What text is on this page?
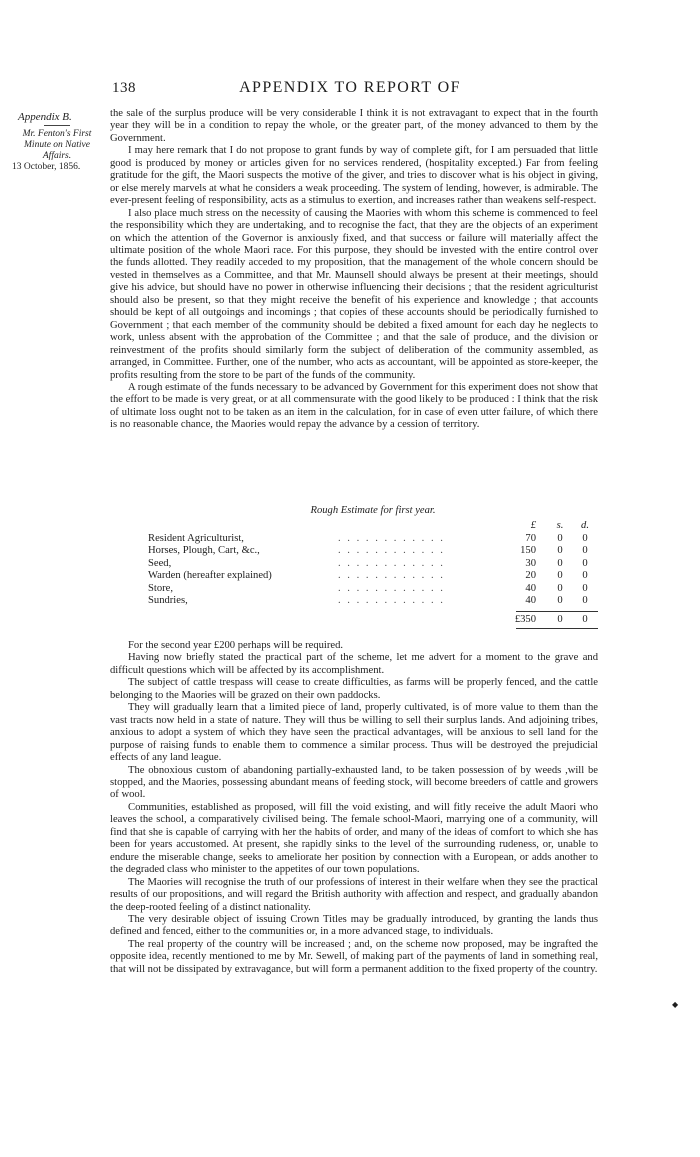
138	APPENDIX TO REPORT OF
Appendix B.
Mr. Fenton's First
Minute on Native
Affairs.
13 October, 1856.

the sale of the surplus produce will be very considerable I think it is not extravagant to expect that in the fourth year they will be in a condition to repay the whole, or the greater part, of the money advanced to them by the Government.

I may here remark that I do not propose to grant funds by way of complete gift, for I am persuaded that little good is produced by money or articles given for no services rendered, (hospitality excepted.) Far from feeling gratitude for the gift, the Maori suspects the motive of the giver, and tries to discover what is his object in giving, or else merely marvels at what he considers a weak proceeding. The system of lending, however, is admirable. The ever-present feeling of responsibility, acts as a stimulus to exertion, and increases rather than weakens self-respect.

I also place much stress on the necessity of causing the Maories with whom this scheme is commenced to feel the responsibility which they are undertaking, and to recognise the fact, that they are the objects of an experiment on which the attention of the Governor is anxiously fixed, and that success or failure will materially affect the ultimate position of the whole Maori race. For this purpose, they should be invested with the entire control over the funds allotted. They readily acceded to my proposition, that the management of the whole concern should be vested in themselves as a Committee, and that Mr. Maunsell should always be present at their meetings, should give his advice, but should have no power in otherwise influencing their decisions ; that the resident agriculturist should also be present, so that they might receive the benefit of his experience and knowledge ; that accounts should be kept of all outgoings and incomings ; that copies of these accounts should be periodically furnished to Government ; that each member of the community should be debited a fixed amount for each day he neglects to work, unless absent with the approbation of the Committee ; and that the sale of produce, and the division or reinvestment of the profits should similarly form the subject of deliberation of the community assembled, as arranged, in Committee. Further, one of the number, who acts as accountant, will be appointed as store-keeper, the profits resulting from the store to be part of the funds of the community.

A rough estimate of the funds necessary to be advanced by Government for this experiment does not show that the effort to be made is very great, or at all commensurate with the good likely to be produced : I think that the risk of ultimate loss ought not to be taken as an item in the calculation, for in case of even utter failure, of which there is no reasonable chance, the Maories would repay the advance by a cession of territory.

Rough Estimate for first year.
£	s.	d.
Resident Agriculturist,	. . . . . . . . . . . .	70	0	0
Horses, Plough, Cart, &c.,	. . . . . . . . . . . .	150	0	0
Seed,	. . . . . . . . . . . .	30	0	0
Warden (hereafter explained)	. . . . . . . . . . . .	20	0	0
Store,	. . . . . . . . . . . .	40	0	0
Sundries,	. . . . . . . . . . . .	40	0	0
£350	0	0

For the second year £200 perhaps will be required.

Having now briefly stated the practical part of the scheme, let me advert for a moment to the grave and difficult questions which will be affected by its accomplishment.

The subject of cattle trespass will cease to create difficulties, as farms will be properly fenced, and the cattle belonging to the Maories will be grazed on their own paddocks.

They will gradually learn that a limited piece of land, properly cultivated, is of more value to them than the vast tracts now held in a state of nature. They will thus be willing to sell their surplus lands. And adjoining tribes, anxious to adopt a system of which they have seen the practical advantages, will be anxious to sell land for the purpose of raising funds to enable them to commence a similar process. Thus will be destroyed the prejudicial effects of any land league.

The obnoxious custom of abandoning partially-exhausted land, to be taken possession of by weeds ,will be stopped, and the Maories, possessing abundant means of feeding stock, will become breeders of cattle and growers of wool.

Communities, established as proposed, will fill the void existing, and will fitly receive the adult Maori who leaves the school, a comparatively civilised being. The female school-Maori, marrying one of a community, will find that she is capable of carrying with her the habits of order, and many of the ideas of comfort to which she has been for years accustomed. At present, she rapidly sinks to the level of the surrounding rudeness, or, unable to endure the miserable change, seeks to ameliorate her position by connection with a European, or adds another to the degraded class who minister to the appetites of our town populations.

The Maories will recognise the truth of our professions of interest in their welfare when they see the practical results of our propositions, and will regard the British authority with affection and respect, and gradually abandon the deep-rooted feeling of a distinct nationality.

The very desirable object of issuing Crown Titles may be gradually introduced, by granting the lands thus defined and fenced, either to the communities or, in a more advanced stage, to individuals.

The real property of the country will be increased ; and, on the scheme now proposed, may be ingrafted the opposite idea, recently mentioned to me by Mr. Sewell, of making part of the payments of land in something real, that will not be dissipated by extravagance, but will form a permanent addition to the fixed property of the country.

◆
